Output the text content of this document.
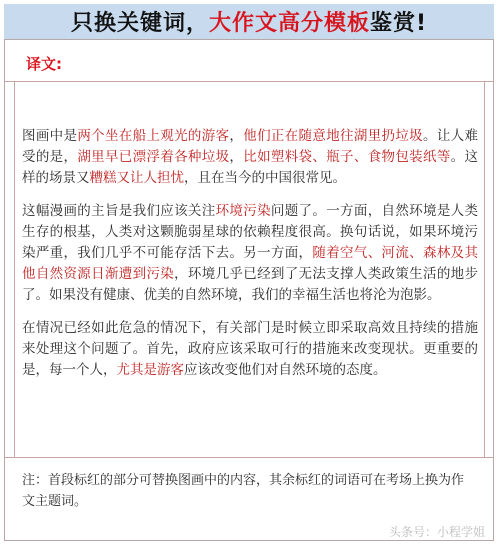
只换关键词， 大作文高分模板 鉴赏!
译文:

图画中是两个坐在船上观光的游客，他们正在随意地往湖里扔垃圾。让人难受的是，湖里早已漂浮着各种垃圾，比如塑料袋、瓶子、食物包装纸等。这样的场景又糟糕又让人担忧，且在当今的中国很常见。

这幅漫画的主旨是我们应该关注环境污染问题了。一方面，自然环境是人类生存的根基，人类对这颗脆弱星球的依赖程度很高。换句话说，如果环境污染严重，我们几乎不可能存活下去。另一方面，随着空气、河流、森林及其他自然资源日渐遭到污染，环境几乎已经到了无法支撑人类政策生活的地步了。如果没有健康、优美的自然环境，我们的幸福生活也将沦为泡影。

在情况已经如此危急的情况下，有关部门是时候立即采取高效且持续的措施来处理这个问题了。首先，政府应该采取可行的措施来改变现状。更重要的是，每一个人，尤其是游客应该改变他们对自然环境的态度。

注：首段标红的部分可替换图画中的内容，其余标红的词语可在考场上换为作文主题词。
头条号：小程学姐
